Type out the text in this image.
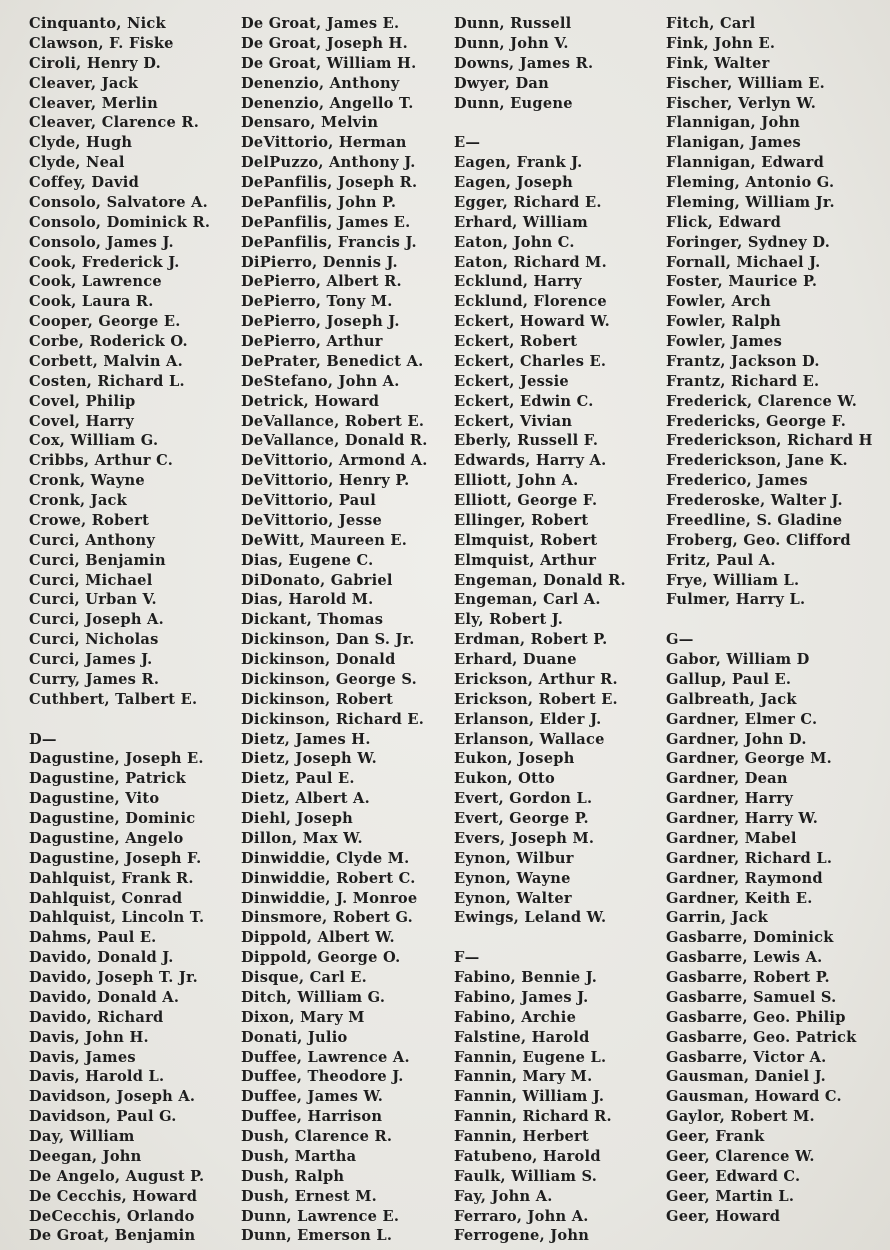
Cinquanto, Nick
Clawson, F. Fiske
Ciroli, Henry D.
Cleaver, Jack
Cleaver, Merlin
Cleaver, Clarence R.
Clyde, Hugh
Clyde, Neal
Coffey, David
Consolo, Salvatore A.
Consolo, Dominick R.
Consolo, James J.
Cook, Frederick J.
Cook, Lawrence
Cook, Laura R.
Cooper, George E.
Corbe, Roderick O.
Corbett, Malvin A.
Costen, Richard L.
Covel, Philip
Covel, Harry
Cox, William G.
Cribbs, Arthur C.
Cronk, Wayne
Cronk, Jack
Crowe, Robert
Curci, Anthony
Curci, Benjamin
Curci, Michael
Curci, Urban V.
Curci, Joseph A.
Curci, Nicholas
Curci, James J.
Curry, James R.
Cuthbert, Talbert E.
D—
Dagustine, Joseph E.
Dagustine, Patrick
Dagustine, Vito
Dagustine, Dominic
Dagustine, Angelo
Dagustine, Joseph F.
Dahlquist, Frank R.
Dahlquist, Conrad
Dahlquist, Lincoln T.
Dahms, Paul E.
Davido, Donald J.
Davido, Joseph T. Jr.
Davido, Donald A.
Davido, Richard
Davis, John H.
Davis, James
Davis, Harold L.
Davidson, Joseph A.
Davidson, Paul G.
Day, William
Deegan, John
De Angelo, August P.
De Cecchis, Howard
DeCecchis, Orlando
De Groat, Benjamin
De Groat, James E.
De Groat, Joseph H.
De Groat, William H.
Denenzio, Anthony
Denenzio, Angello T.
Densaro, Melvin
DeVittorio, Herman
DelPuzzo, Anthony J.
DePanfilis, Joseph R.
DePanfilis, John P.
DePanfilis, James E.
DePanfilis, Francis J.
DiPierro, Dennis J.
DePierro, Albert R.
DePierro, Tony M.
DePierro, Joseph J.
DePierro, Arthur
DePrater, Benedict A.
DeStefano, John A.
Detrick, Howard
DeVallance, Robert E.
DeVallance, Donald R.
DeVittorio, Armond A.
DeVittorio, Henry P.
DeVittorio, Paul
DeVittorio, Jesse
DeWitt, Maureen E.
Dias, Eugene C.
DiDonato, Gabriel
Dias, Harold M.
Dickant, Thomas
Dickinson, Dan S. Jr.
Dickinson, Donald
Dickinson, George S.
Dickinson, Robert
Dickinson, Richard E.
Dietz, James H.
Dietz, Joseph W.
Dietz, Paul E.
Dietz, Albert A.
Diehl, Joseph
Dillon, Max W.
Dinwiddie, Clyde M.
Dinwiddie, Robert C.
Dinwiddie, J. Monroe
Dinsmore, Robert G.
Dippold, Albert W.
Dippold, George O.
Disque, Carl E.
Ditch, William G.
Dixon, Mary M
Donati, Julio
Duffee, Lawrence A.
Duffee, Theodore J.
Duffee, James W.
Duffee, Harrison
Dush, Clarence R.
Dush, Martha
Dush, Ralph
Dush, Ernest M.
Dunn, Lawrence E.
Dunn, Emerson L.
Dunn, Russell
Dunn, John V.
Downs, James R.
Dwyer, Dan
Dunn, Eugene
E—
Eagen, Frank J.
Eagen, Joseph
Egger, Richard E.
Erhard, William
Eaton, John C.
Eaton, Richard M.
Ecklund, Harry
Ecklund, Florence
Eckert, Howard W.
Eckert, Robert
Eckert, Charles E.
Eckert, Jessie
Eckert, Edwin C.
Eckert, Vivian
Eberly, Russell F.
Edwards, Harry A.
Elliott, John A.
Elliott, George F.
Ellinger, Robert
Elmquist, Robert
Elmquist, Arthur
Engeman, Donald R.
Engeman, Carl A.
Ely, Robert J.
Erdman, Robert P.
Erhard, Duane
Erickson, Arthur R.
Erickson, Robert E.
Erlanson, Elder J.
Erlanson, Wallace
Eukon, Joseph
Eukon, Otto
Evert, Gordon L.
Evert, George P.
Evers, Joseph M.
Eynon, Wilbur
Eynon, Wayne
Eynon, Walter
Ewings, Leland W.
F—
Fabino, Bennie J.
Fabino, James J.
Fabino, Archie
Falstine, Harold
Fannin, Eugene L.
Fannin, Mary M.
Fannin, William J.
Fannin, Richard R.
Fannin, Herbert
Fatubeno, Harold
Faulk, William S.
Fay, John A.
Ferraro, John A.
Ferrogene, John
Fitch, Carl
Fink, John E.
Fink, Walter
Fischer, William E.
Fischer, Verlyn W.
Flannigan, John
Flanigan, James
Flannigan, Edward
Fleming, Antonio G.
Fleming, William Jr.
Flick, Edward
Foringer, Sydney D.
Fornall, Michael J.
Foster, Maurice P.
Fowler, Arch
Fowler, Ralph
Fowler, James
Frantz, Jackson D.
Frantz, Richard E.
Frederick, Clarence W.
Fredericks, George F.
Frederickson, Richard H
Frederickson, Jane K.
Frederico, James
Frederoske, Walter J.
Freedline, S. Gladine
Froberg, Geo. Clifford
Fritz, Paul A.
Frye, William L.
Fulmer, Harry L.
G—
Gabor, William D
Gallup, Paul E.
Galbreath, Jack
Gardner, Elmer C.
Gardner, John D.
Gardner, George M.
Gardner, Dean
Gardner, Harry
Gardner, Harry W.
Gardner, Mabel
Gardner, Richard L.
Gardner, Raymond
Gardner, Keith E.
Garrin, Jack
Gasbarre, Dominick
Gasbarre, Lewis A.
Gasbarre, Robert P.
Gasbarre, Samuel S.
Gasbarre, Geo. Philip
Gasbarre, Geo. Patrick
Gasbarre, Victor A.
Gausman, Daniel J.
Gausman, Howard C.
Gaylor, Robert M.
Geer, Frank
Geer, Clarence W.
Geer, Edward C.
Geer, Martin L.
Geer, Howard
